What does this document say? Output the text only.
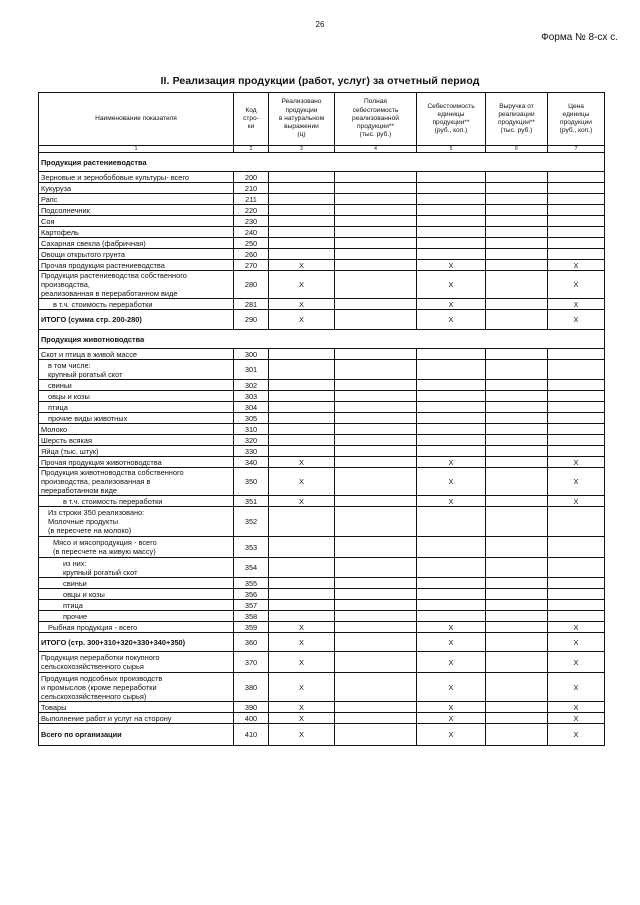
26
Форма № 8-сх с.
II. Реализация продукции (работ, услуг) за отчетный период
Наименование показателя	Код
стро-
ки	Реализовано
продукции
в натуральном
выражении
(ц)	Полная
себестоимость
реализованной
продукции**
(тыс. руб.)	Себестоимость
единицы
продукции**
(руб., коп.)	Выручка от
реализации
продукции**
(тыс. руб.)	Цена
единицы
продукции
(руб., коп.)
1	2	3	4	5	6	7
Продукция растениеводства						
Зерновые и зернобобовые культуры- всего	200					
Кукуруза	210					
Рапс	211					
Подсолнечник	220					
Соя	230					
Картофель	240					
Сахарная свекла (фабричная)	250					
Овощи открытого грунта	260					
Прочая продукция растениеводства	270	Х		Х		Х
Продукция растениеводства собственного
производства,
реализованная в переработанном виде	280	Х		Х		Х
в т.ч. стоимость переработки	281	Х		Х		Х
ИТОГО (сумма стр. 200-280)	290	Х		Х		Х
Продукция животноводства						
Скот и птица в живой массе	300					
в том числе:
крупный рогатый скот	301					
свиньи	302					
овцы и козы	303					
птица	304					
прочие виды животных	305					
Молоко	310					
Шерсть всякая	320					
Яйца (тыс. штук)	330					
Прочая продукция животноводства	340	Х		Х		Х
Продукция животноводства собственного
производства, реализованная в
переработанном виде	350	Х		Х		Х
в т.ч. стоимость переработки	351	Х		Х		Х
Из строки 350 реализовано:
Молочные продукты
(в пересчете на молоко)	352					
Мясо и мясопродукция - всего
(в пересчете на живую массу)	353					
из них:
крупный рогатый скот	354					
свиньи	355					
овцы и козы	356					
птица	357					
прочие	358					
Рыбная продукция - всего	359	Х		Х		Х
ИТОГО (стр. 300+310+320+330+340+350)	360	Х		Х		Х
Продукция переработки покупного
сельскохозяйственного сырья	370	Х		Х		Х
Продукция подсобных производств
и промыслов (кроме переработки
сельскохозяйственного сырья)	380	Х		Х		Х
Товары	390	Х		Х		Х
Выполнение работ и услуг на сторону	400	Х		Х		Х
Всего по организации	410	Х		Х		Х
